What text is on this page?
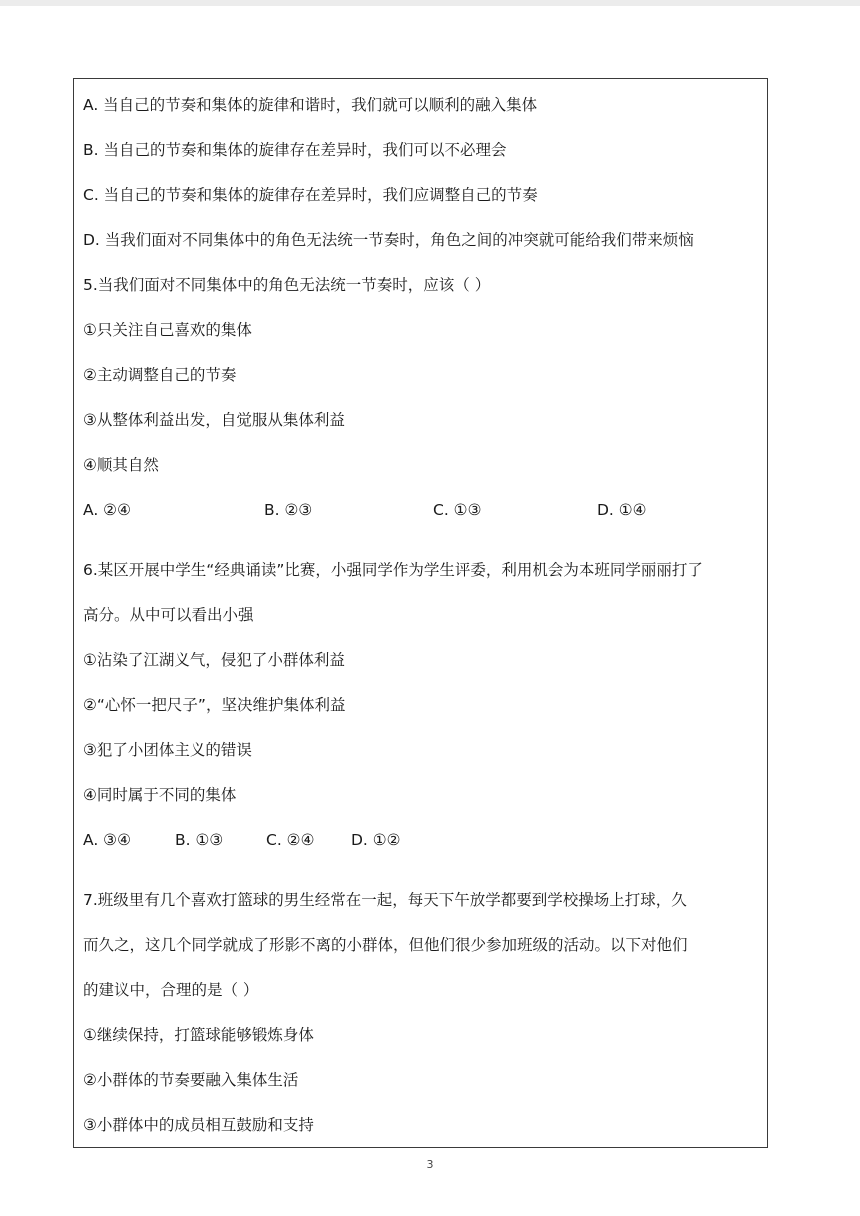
A. 当自己的节奏和集体的旋律和谐时，我们就可以顺利的融入集体
B. 当自己的节奏和集体的旋律存在差异时，我们可以不必理会
C. 当自己的节奏和集体的旋律存在差异时，我们应调整自己的节奏
D. 当我们面对不同集体中的角色无法统一节奏时，角色之间的冲突就可能给我们带来烦恼
5.当我们面对不同集体中的角色无法统一节奏时，应该（ ）
①只关注自己喜欢的集体
②主动调整自己的节奏
③从整体利益出发，自觉服从集体利益
④顺其自然
A. ②④	B. ②③	C. ①③	D. ①④
6.某区开展中学生“经典诵读”比赛，小强同学作为学生评委，利用机会为本班同学丽丽打了
高分。从中可以看出小强
①沾染了江湖义气，侵犯了小群体利益
②“心怀一把尺子”，坚决维护集体利益
③犯了小团体主义的错误
④同时属于不同的集体
A. ③④	B. ①③	C. ②④ D. ①②
7.班级里有几个喜欢打篮球的男生经常在一起，每天下午放学都要到学校操场上打球，久
而久之，这几个同学就成了形影不离的小群体，但他们很少参加班级的活动。以下对他们
的建议中，合理的是（ ）
①继续保持，打篮球能够锻炼身体
②小群体的节奏要融入集体生活
③小群体中的成员相互鼓励和支持
3
